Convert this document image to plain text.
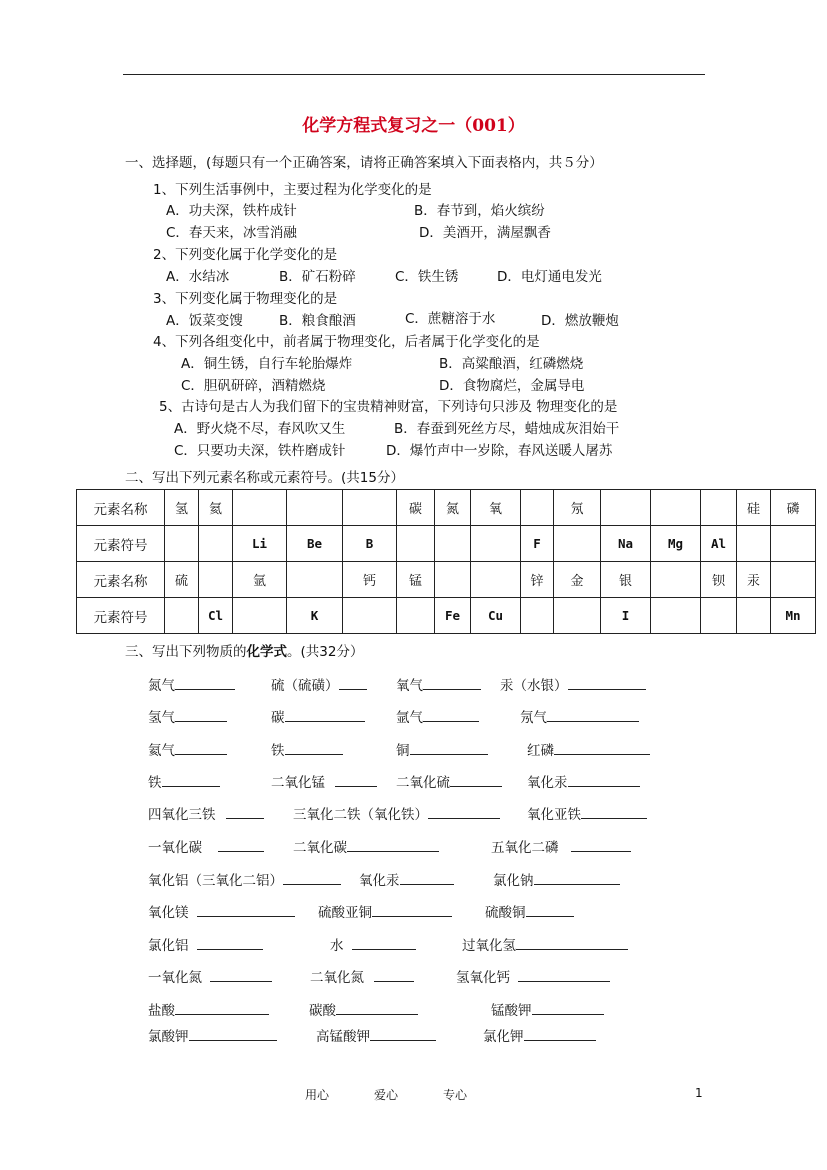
化学方程式复习之一（001）
一、选择题，(每题只有一个正确答案，请将正确答案填入下面表格内，共５分）
1、下列生活事例中，主要过程为化学变化的是
A．功夫深，铁杵成针	B．春节到，焰火缤纷
C．春天来，冰雪消融	D．美酒开，满屋飘香
2、下列变化属于化学变化的是
A．水结冰	B．矿石粉碎	C．铁生锈	D．电灯通电发光
3、下列变化属于物理变化的是
A．饭菜变馊	B．粮食酿酒	C．蔗糖溶于水	D．燃放鞭炮
4、下列各组变化中，前者属于物理变化，后者属于化学变化的是
A．铜生锈，自行车轮胎爆炸	B．高粱酿酒，红磷燃烧
C．胆矾研碎，酒精燃烧	D．食物腐烂，金属导电
5、古诗句是古人为我们留下的宝贵精神财富，下列诗句只涉及 物理变化的是
A．野火烧不尽，春风吹又生	B．春蚕到死丝方尽，蜡烛成灰泪始干
C．只要功夫深，铁杵磨成针	D．爆竹声中一岁除，春风送暖人屠苏
二、写出下列元素名称或元素符号。(共15分）
元素名称	氢	氦				碳	氮	氧		氖				硅	磷
元素符号			Li	Be	B				F		Na	Mg	Al		
元素名称	硫		氩		钙	锰			锌	金	银		钡	汞	
元素符号		Cl		K			Fe	Cu			I				Mn
三、写出下列物质的化学式。(共32分）
氮气	硫（硫磺）	氧气	汞（水银）
氢气	碳	氩气	氖气
氦气	铁	铜	红磷
铁	二氧化锰	二氧化硫	氧化汞
四氧化三铁	三氧化二铁（氧化铁）	氧化亚铁
一氧化碳	二氧化碳	五氧化二磷
氧化铝（三氧化二铝）	氧化汞	氯化钠
氧化镁	硫酸亚铜	硫酸铜
氯化铝	水	过氧化氢
一氧化氮	二氧化氮	氢氧化钙
盐酸	碳酸	锰酸钾
氯酸钾	高锰酸钾	氯化钾
用心	爱心	专心	1
